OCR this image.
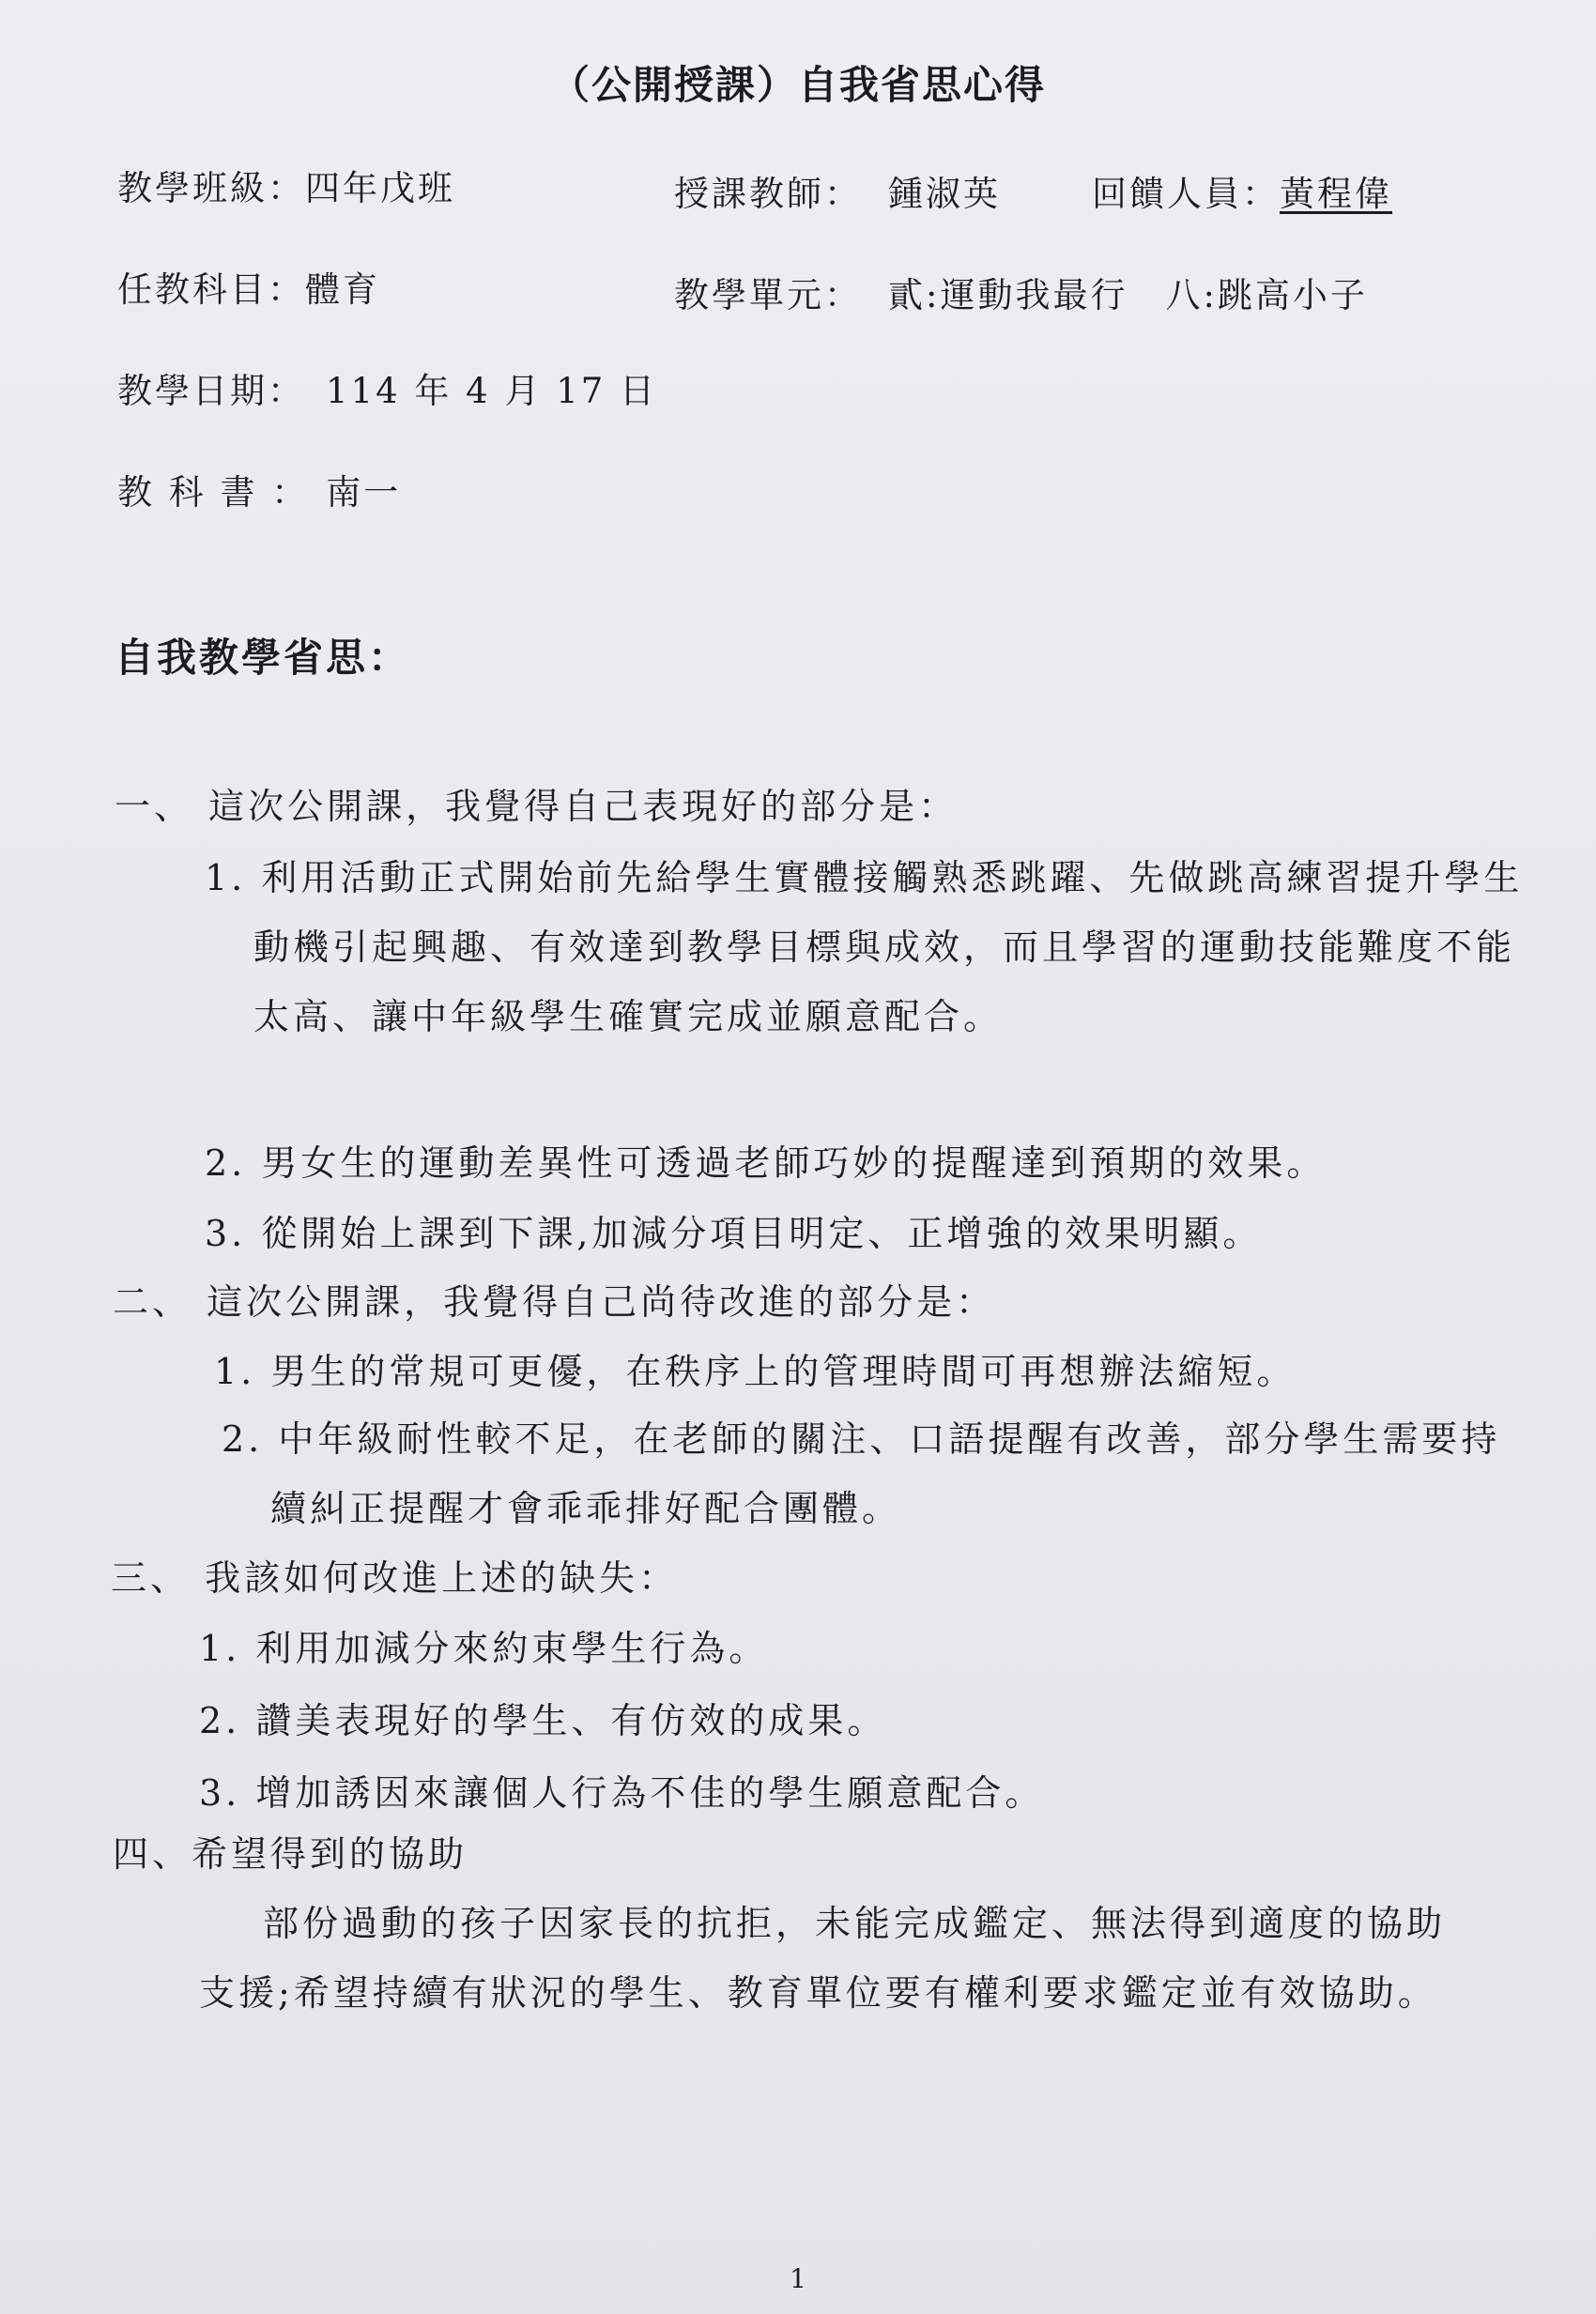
（公開授課）自我省思心得
教學班級：四年戊班	授課教師： 鍾淑英	回饋人員：黃程偉
任教科目：體育	教學單元： 貳:運動我最行　八:跳高小子
教學日期： 114 年 4 月 17 日
教 科 書 ： 南一
自我教學省思：
一、 這次公開課，我覺得自己表現好的部分是：
1. 利用活動正式開始前先給學生實體接觸熟悉跳躍、先做跳高練習提升學生動機引起興趣、有效達到教學目標與成效，而且學習的運動技能難度不能太高、讓中年級學生確實完成並願意配合。
2. 男女生的運動差異性可透過老師巧妙的提醒達到預期的效果。
3. 從開始上課到下課,加減分項目明定、正增強的效果明顯。
二、 這次公開課，我覺得自己尚待改進的部分是：
1. 男生的常規可更優，在秩序上的管理時間可再想辦法縮短。
2. 中年級耐性較不足，在老師的關注、口語提醒有改善，部分學生需要持續糾正提醒才會乖乖排好配合團體。
三、 我該如何改進上述的缺失：
1. 利用加減分來約束學生行為。
2. 讚美表現好的學生、有仿效的成果。
3. 增加誘因來讓個人行為不佳的學生願意配合。
四、希望得到的協助
部份過動的孩子因家長的抗拒，未能完成鑑定、無法得到適度的協助支援;希望持續有狀況的學生、教育單位要有權利要求鑑定並有效協助。
1
